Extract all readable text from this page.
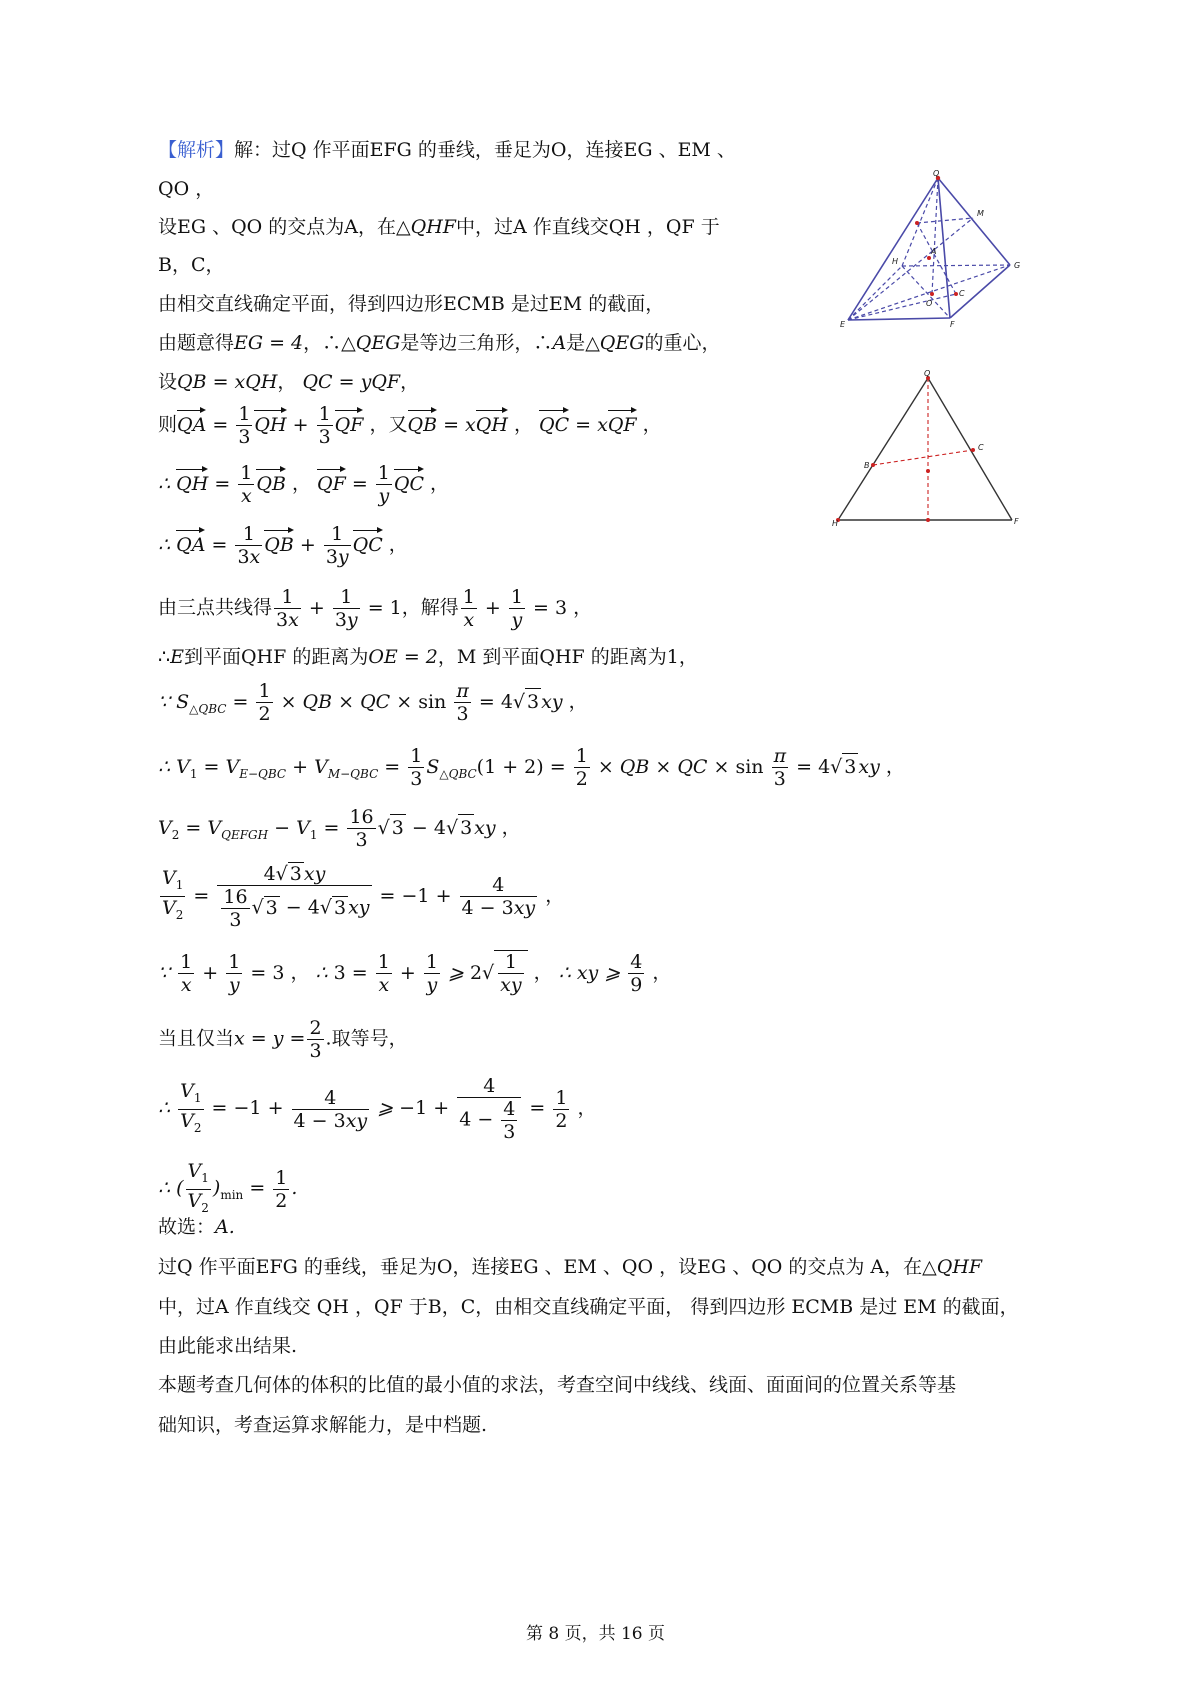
【解析】解：过Q 作平面EFG 的垂线，垂足为O，连接EG 、EM 、
QO ，
设EG 、QO 的交点为A，在△QHF中，过A 作直线交QH ，QF 于
B，C，
由相交直线确定平面，得到四边形ECMB 是过EM 的截面，
由题意得EG = 4，∴△QEG是等边三角形，∴A是△QEG的重心，
设QB = xQH， QC = yQF，
则QA = $\frac{1}{3}$ QH + $\frac{1}{3}$ QF ，又QB = xQH ， QC = xQF ，
∴ QH = $\frac{1}{x}$ QB ， QF = $\frac{1}{y}$ QC ，
∴ QA = $\frac{1}{3x}$ QB + $\frac{1}{3y}$ QC ，
由三点共线得 $\frac{1}{3x} + \frac{1}{3y} = 1$，解得 $\frac{1}{x} + \frac{1}{y} = 3$ ，
∴E到平面QHF 的距离为OE = 2，M 到平面QHF 的距离为1，
∵ $S_{\triangle QBC} = \frac{1}{2}$ × QB × QC × $\sin \frac{\pi}{3} = 4√$ 3 xy ，
∴ $V_1 = V_{E-QBC} + V_{M-QBC} = \frac{1}{3} S_{\triangle QBC}(1 + 2) = \frac{1}{2}$ × QB × QC × $\sin \frac{\pi}{3} = 4√$ 3 xy ，
$V_2 = V_{QEFGH} - V_1 = \frac{16}{3}$ √ 3 − 4√ 3 xy ，
$\frac{V_1}{V_2} = \frac{4√ 3 xy}{\frac{16}{3} √ 3 - 4√ 3 xy} = -1 + \frac{4}{4 - 3xy}$ ，
∵ $\frac{1}{x} + \frac{1}{y} = 3$ ， ∴ $3 = \frac{1}{x} + \frac{1}{y}$ ⩾ $2√ \frac{1}{xy}$ ， ∴ xy ⩾ $\frac{4}{9}$ ，
当且仅当$x = y = \frac{2}{3}$ .取等号，
∴ $\frac{V_1}{V_2} = -1 + \frac{4}{4 - 3xy}$ ⩾ $-1 + \frac{4}{4 - \frac{4}{3}} = \frac{1}{2}$ ，
∴ ( $\frac{V_1}{V_2} )_{min} = \frac{1}{2}$ .
故选：A.
过Q 作平面EFG 的垂线，垂足为O，连接EG 、EM 、QO ，设EG 、QO 的交点为 A，在△QHF
中，过A 作直线交 QH ，QF 于B，C，由相交直线确定平面， 得到四边形 ECMB 是过 EM 的截面，
由此能求出结果.
本题考查几何体的体积的比值的最小值的求法，考查空间中线线、线面、面面间的位置关系等基
础知识，考查运算求解能力，是中档题.
Q
M
H
A
G
O
C
E	F
Q
B
C
H	F
第 8 页，共 16 页
